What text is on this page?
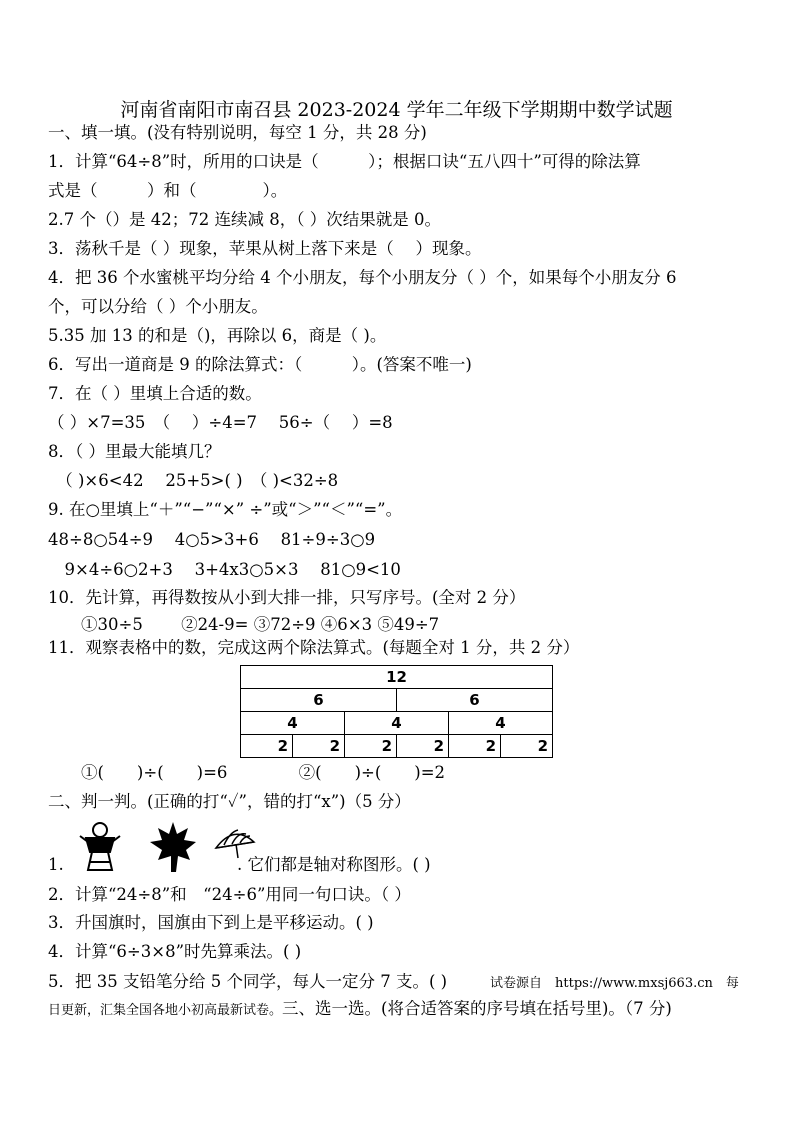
河南省南阳市南召县 2023-2024 学年二年级下学期期中数学试题
一、填一填。(没有特别说明，每空 1 分，共 28 分)
1．计算“64÷8”时，所用的口诀是（　　　）；根据口诀“五八四十”可得的除法算
式是（　　　）和（　　　　）。
2.7 个（）是 42；72 连续减 8，（ ）次结果就是 0。
3．荡秋千是（ ）现象，苹果从树上落下来是（　 ）现象。
4．把 36 个水蜜桃平均分给 4 个小朋友，每个小朋友分（ ）个，如果每个小朋友分 6
个，可以分给（ ）个小朋友。
5.35 加 13 的和是（)，再除以 6，商是（ )。
6．写出一道商是 9 的除法算式：（　　　）。(答案不唯一)
7．在（ ）里填上合适的数。
（ ）×7=35　（　 ）÷4=7　 56÷（　 ）=8
8．（ ）里最大能填几？
　（ )×6<42　 25+5>( )　（ )<32÷8
9. 在○里填上“＋”“−”“×” ÷”或“＞”“＜”“=”。
48÷8○54÷9　 4○5>3+6　 81÷9÷3○9
　9×4÷6○2+3　 3+4x3○5×3　 81○9<10
10．先计算，再得数按从小到大排一排，只写序号。(全对 2 分）
　　①30÷5　　 ②24-9= ③72÷9 ④6×3 ⑤49÷7
11．观察表格中的数，完成这两个除法算式。(每题全对 1 分，共 2 分）
12					
6			6		
4		4		4	
2	2	2	2	2	2
　　①(　　)÷(　　)=6　　　　 ②(　　)÷(　　)=2
二、判一判。(正确的打“✓”，错的打“x”)（5 分）
1.	. 它们都是轴对称图形。( )
2．计算“24÷8”和　“24÷6”用同一句口诀。（ ）
3．升国旗时，国旗由下到上是平移运动。( )
4．计算“6÷3×8”时先算乘法。( )
5．把 35 支铅笔分给 5 个同学，每人一定分 7 支。( )	试卷源自　https://www.mxsj663.cn　每
日更新，汇集全国各地小初高最新试卷。三、选一选。(将合适答案的序号填在括号里)。（7 分)
